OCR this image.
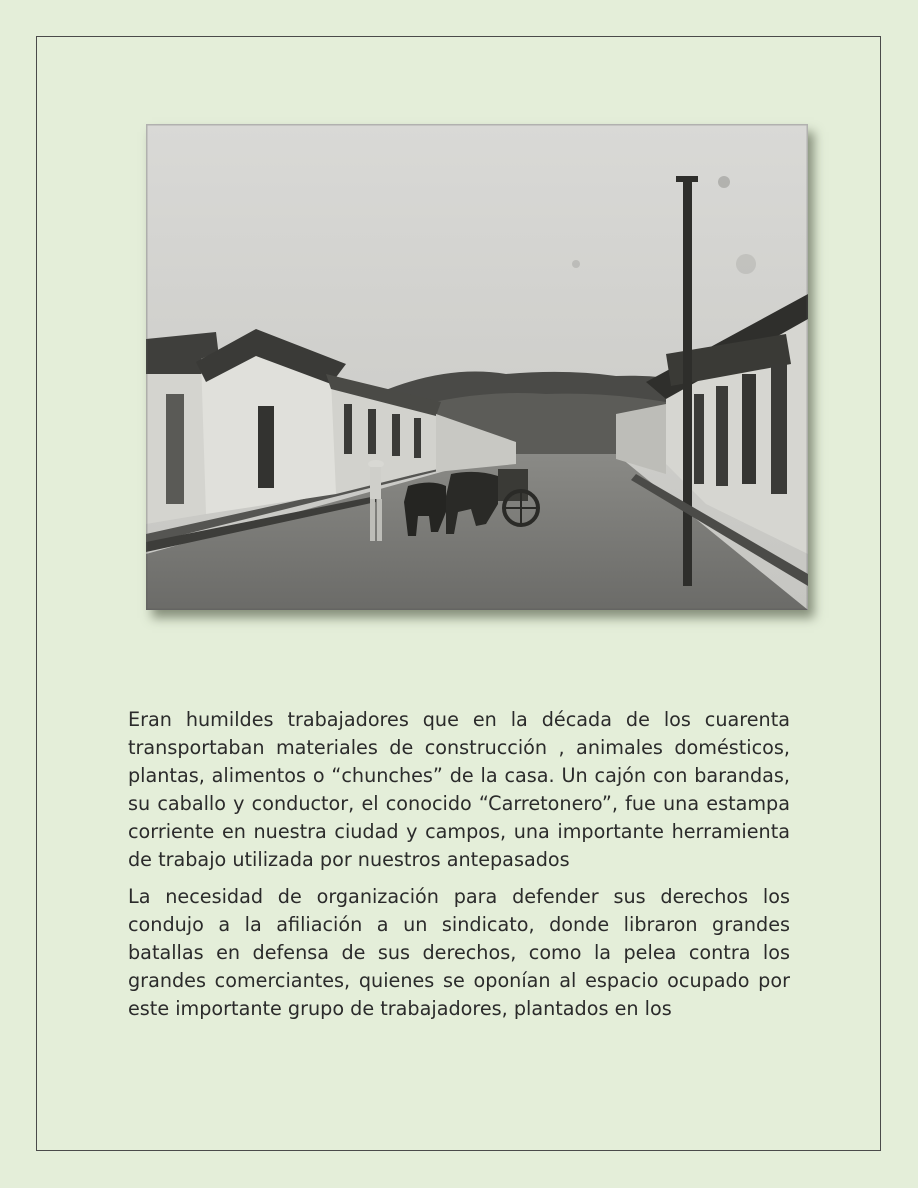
Eran humildes trabajadores que en la década de los cuarenta transportaban materiales de construcción , animales domésticos, plantas, alimentos o “chunches” de la casa. Un cajón con barandas, su caballo y conductor, el conocido “Carretonero”, fue una estampa corriente en nuestra ciudad y campos, una importante herramienta de trabajo utilizada por nuestros antepasados

La necesidad de organización para defender sus derechos los condujo a la afiliación a un sindicato, donde libraron grandes batallas en defensa de sus derechos, como la pelea contra los grandes comerciantes, quienes se oponían al espacio ocupado por este importante grupo de trabajadores, plantados en los
